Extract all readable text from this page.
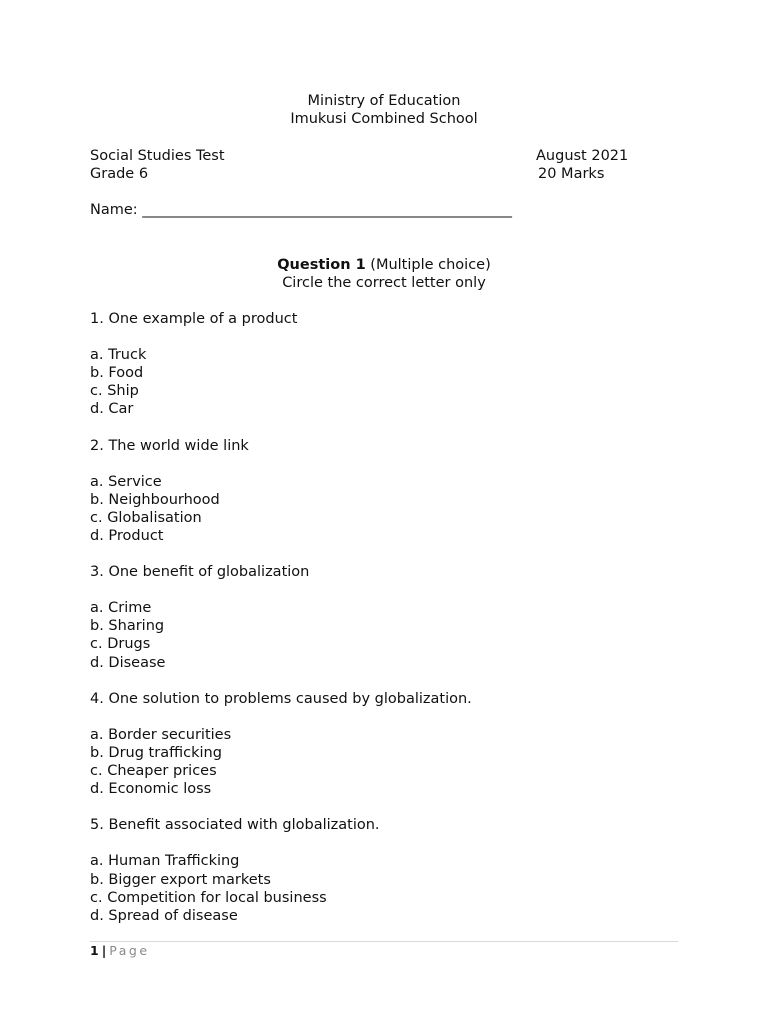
Ministry of Education
Imukusi Combined School
Social Studies Test	August 2021
Grade 6	20 Marks
Name: ___________________________________________________
Question 1 (Multiple choice)
Circle the correct letter only
1. One example of a product
a. Truck
b. Food
c. Ship
d. Car
2. The world wide link
a. Service
b. Neighbourhood
c. Globalisation
d. Product
3. One benefit of globalization
a. Crime
b. Sharing
c. Drugs
d. Disease
4. One solution to problems caused by globalization.
a. Border securities
b. Drug trafficking
c. Cheaper prices
d. Economic loss
5. Benefit associated with globalization.
a. Human Trafficking
b. Bigger export markets
c. Competition for local business
d. Spread of disease
1 | Page
